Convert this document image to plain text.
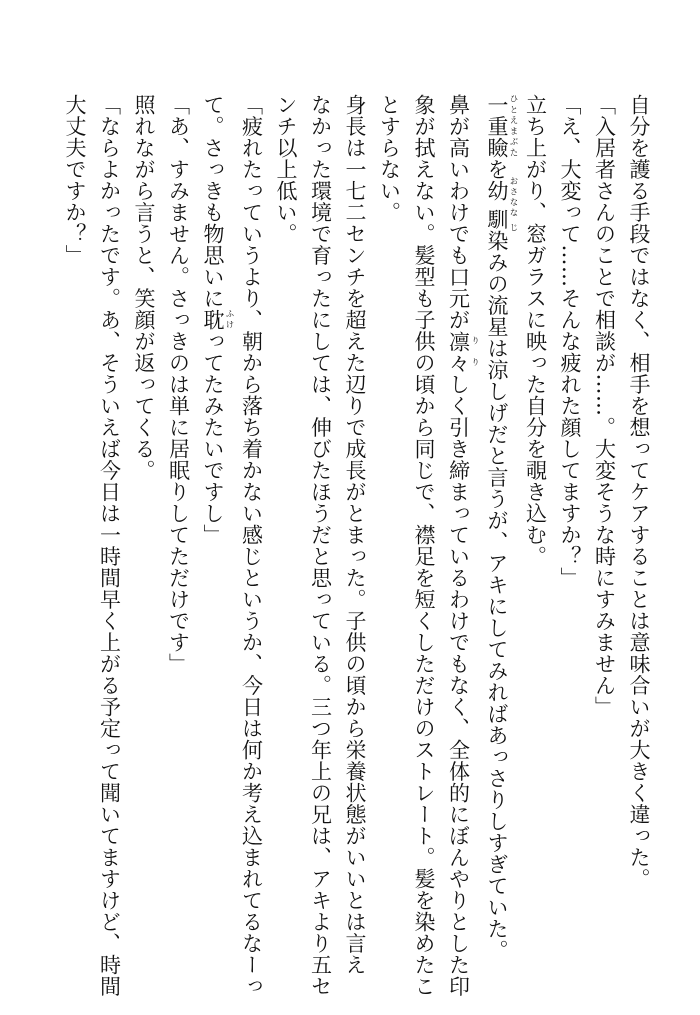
自分を護る手段ではなく、相手を想ってケアすることは意味合いが大きく違った。
「入居者さんのことで相談が……。大変そうな時にすみません」
「え、大変って……そんな疲れた顔してますか？」
立ち上がり、窓ガラスに映った自分を覗き込む。
一重瞼 ひとえまぶたを幼馴 おさなな じ染みの流星は涼しげだと言うが、アキにしてみればあっさりしすぎていた。
鼻が高いわけでも口元が凛々 りりしく引き締まっているわけでもなく、全体的にぼんやりとした印
象が拭えない。髪型も子供の頃から同じで、襟足を短くしただけのストレート。髪を染めたこ
とすらない。
身長は一七二センチを超えた辺りで成長がとまった。子供の頃から栄養状態がいいとは言え
なかった環境で育ったにしては、伸びたほうだと思っている。三つ年上の兄は、アキより五セ
ンチ以上低い。
「疲れたっていうより、朝から落ち着かない感じというか、今日は何か考え込まれてるなーっ
て。さっきも物思いに耽 ふけってたみたいですし」
「あ、すみません。さっきのは単に居眠りしてただけです」
照れながら言うと、笑顔が返ってくる。
「ならよかったです。あ、そういえば今日は一時間早く上がる予定って聞いてますけど、時間
大丈夫ですか？」
